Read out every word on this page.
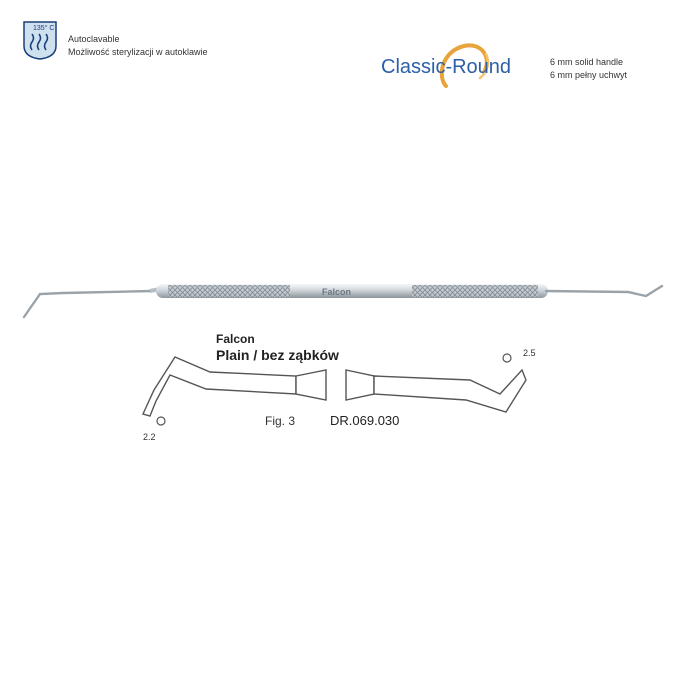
135° C
Autoclavable
Możliwość sterylizacji w autoklawie
Classic-Round	6 mm solid handle
6 mm pełny uchwyt
Falcon
Falcon
Plain / bez ząbków
Fig. 3	DR.069.030
2.2
2.5
